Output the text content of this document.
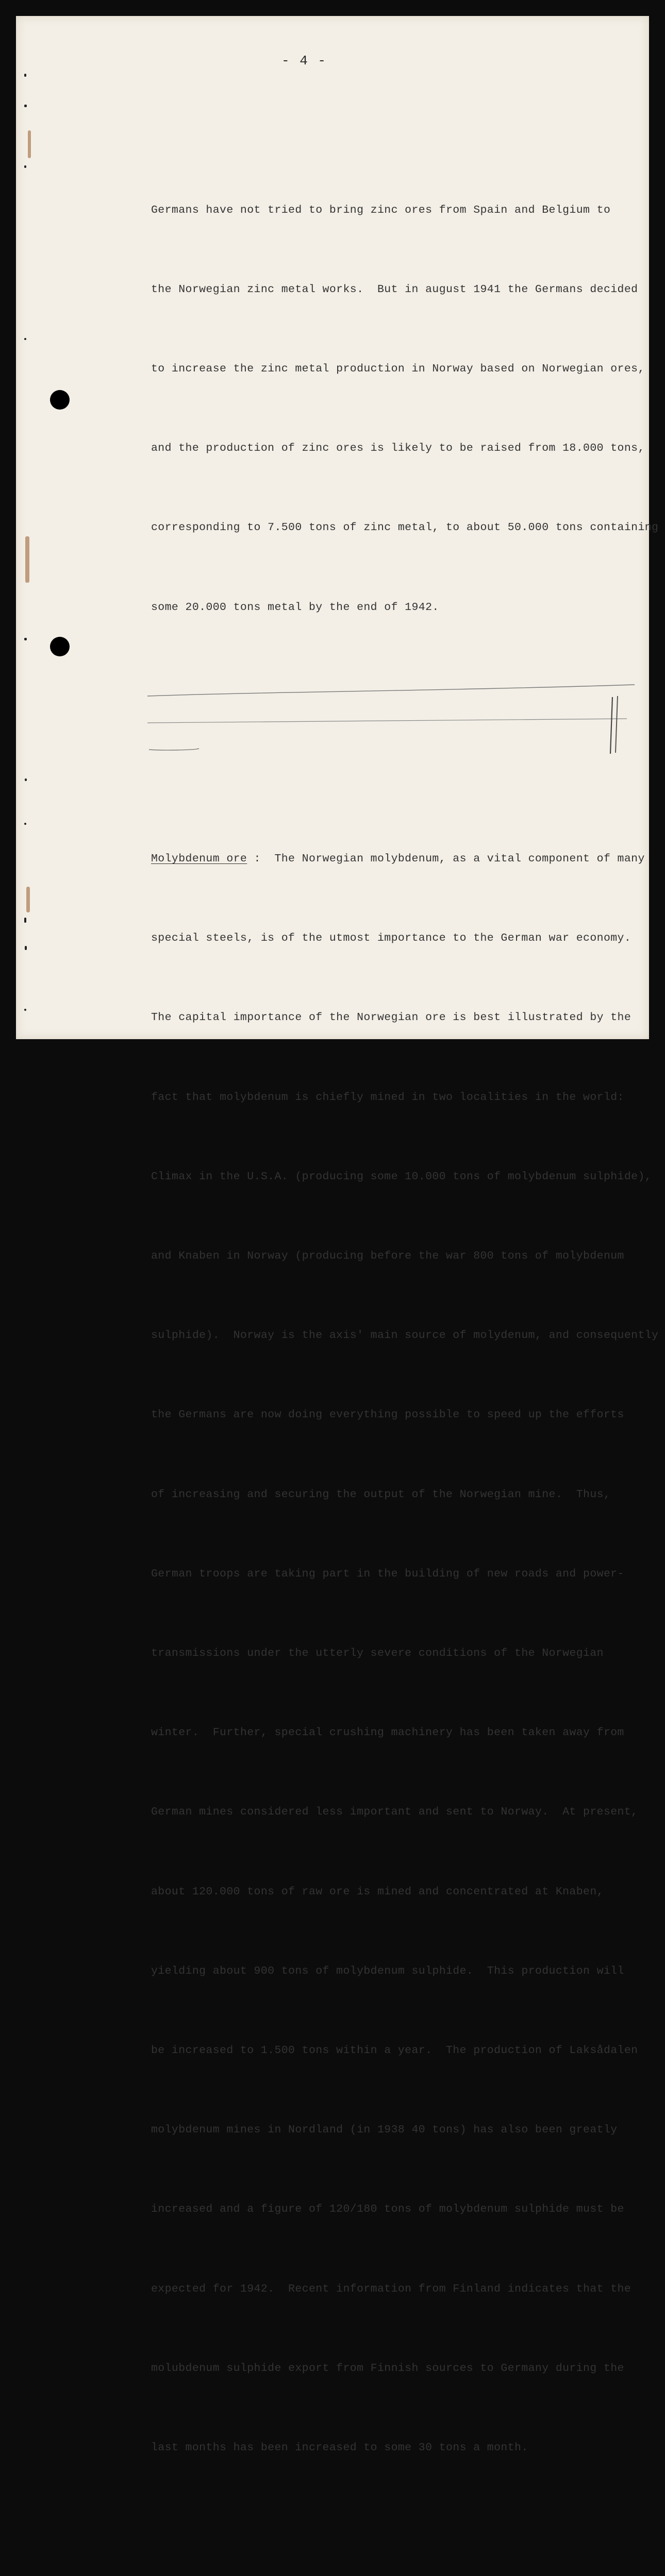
- 4 -

Germans have not tried to bring zinc ores from Spain and Belgium to

the Norwegian zinc metal works.  But in august 1941 the Germans decided

to increase the zinc metal production in Norway based on Norwegian ores,

and the production of zinc ores is likely to be raised from 18.000 tons,

corresponding to 7.500 tons of zinc metal, to about 50.000 tons containing

some 20.000 tons metal by the end of 1942.

Molybdenum ore :  The Norwegian molybdenum, as a vital component of many

special steels, is of the utmost importance to the German war economy.

The capital importance of the Norwegian ore is best illustrated by the

fact that molybdenum is chiefly mined in two localities in the world:

Climax in the U.S.A. (producing some 10.000 tons of molybdenum sulphide),

and Knaben in Norway (producing before the war 800 tons of molybdenum

sulphide).  Norway is the axis' main source of molydenum, and consequently

the Germans are now doing everything possible to speed up the efforts

of increasing and securing the output of the Norwegian mine.  Thus,

German troops are taking part in the building of new roads and power-

transmissions under the utterly severe conditions of the Norwegian

winter.  Further, special crushing machinery has been taken away from

German mines considered less important and sent to Norway.  At present,

about 120.000 tons of raw ore is mined and concentrated at Knaben,

yielding about 900 tons of molybdenum sulphide.  This production will

be increased to 1.500 tons within a year.  The production of Laksådalen

molybdenum mines in Nordland (in 1938 40 tons) has also been greatly

increased and a figure of 120/180 tons of molybdenum sulphide must be

expected for 1942.  Recent information from Finland indicates that the

molubdenum sulphide export from Finnish sources to Germany during the

last months has been increased to some 30 tons a month.
